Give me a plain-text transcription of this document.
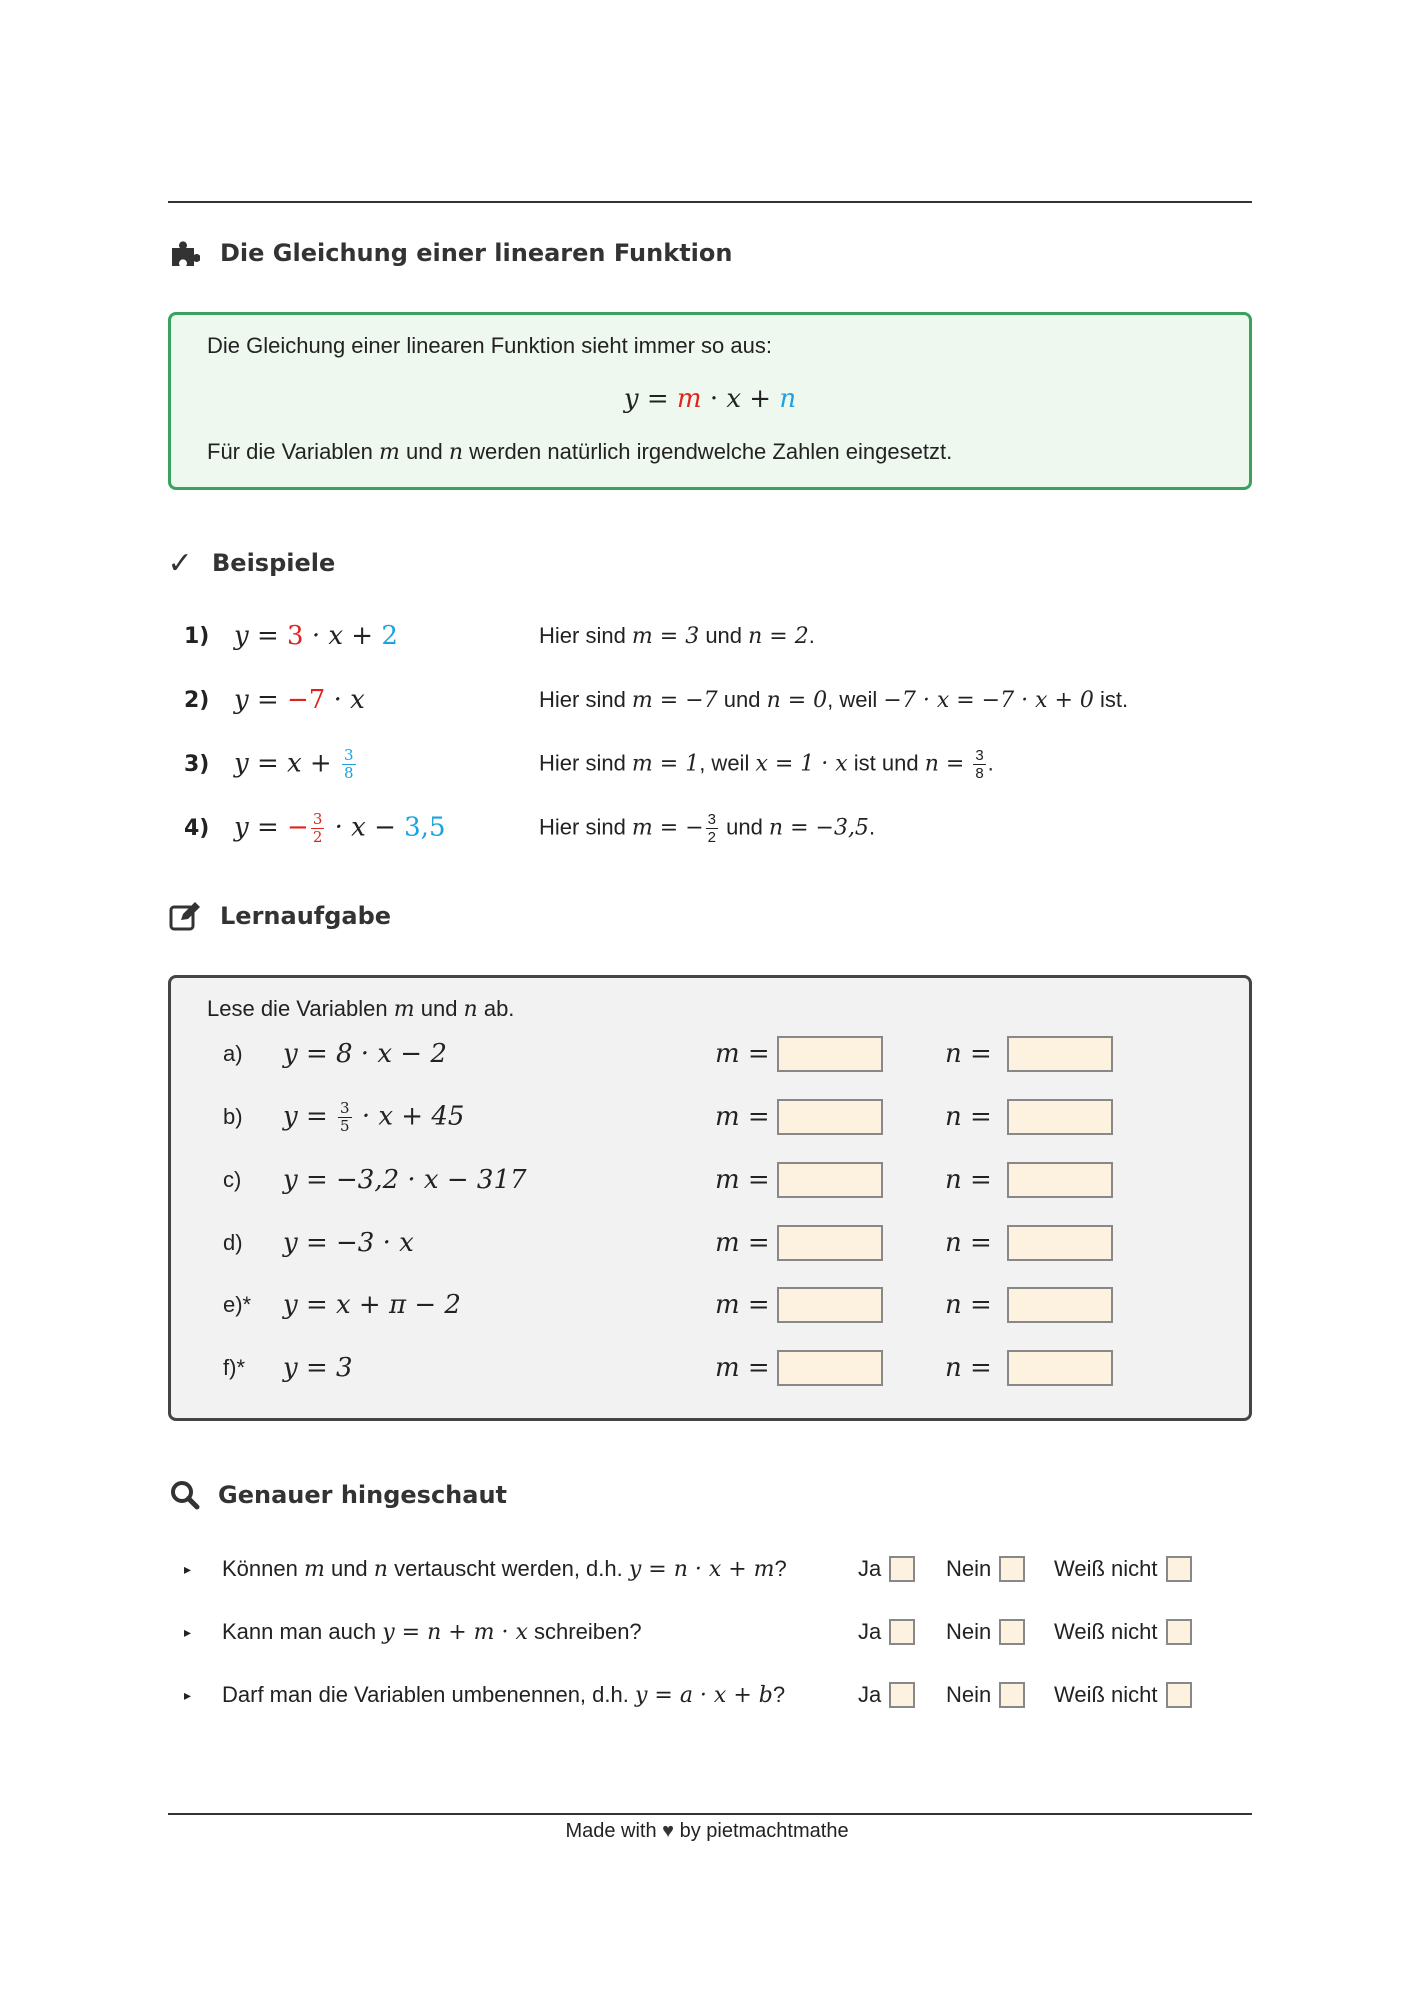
Die Gleichung einer linearen Funktion

Die Gleichung einer linearen Funktion sieht immer so aus:

y = m · x + n

Für die Variablen m und n werden natürlich irgendwelche Zahlen eingesetzt.

✓ Beispiele
1) y = 3 · x + 2	Hier sind m = 3 und n = 2.
2) y = −7 · x	Hier sind m = −7 und n = 0, weil −7 · x = −7 · x + 0 ist.
3) $y = x + \frac{3}{8}$	Hier sind m = 1, weil x = 1 · x ist und $n = \frac{3}{8}$ .
4) y = − $\frac{3}{2} \cdot x - 3,5$	Hier sind m = − $\frac{3}{2}$ und n = −3,5.
Lernaufgabe
Lese die Variablen m und n ab.
a)	y = 8 · x − 2	m =	n =
b)	$y = \frac{3}{5} \cdot x + 45$	m =	n =
c)	y = −3,2 · x − 317	m =	n =
d)	y = −3 · x	m =	n =
e)*	y = x + π − 2	m =	n =
f)*	y = 3	m =	n =
Genauer hingeschaut
▸	Können m und n vertauscht werden, d.h. y = n · x + m?	Ja	Nein	Weiß nicht
▸	Kann man auch y = n + m · x schreiben?	Ja	Nein	Weiß nicht
▸	Darf man die Variablen umbenennen, d.h. y = a · x + b?	Ja	Nein	Weiß nicht
Made with ♥ by pietmachtmathe
